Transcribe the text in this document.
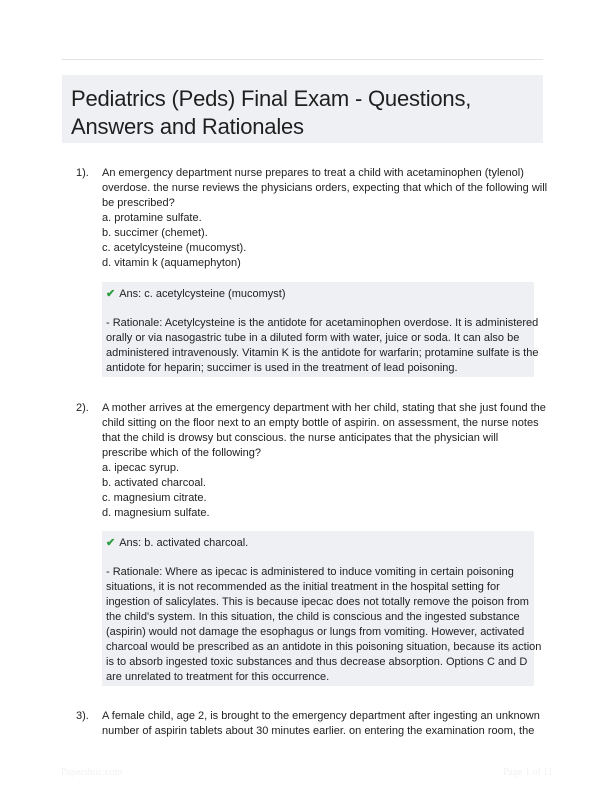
Pediatrics (Peds) Final Exam - Questions,
Answers and Rationales
1). An emergency department nurse prepares to treat a child with acetaminophen (tylenol)
overdose. the nurse reviews the physicians orders, expecting that which of the following will
be prescribed?
a. protamine sulfate.
b. succimer (chemet).
c. acetylcysteine (mucomyst).
d. vitamin k (aquamephyton)
✔ Ans: c. acetylcysteine (mucomyst)
- Rationale: Acetylcysteine is the antidote for acetaminophen overdose. It is administered
orally or via nasogastric tube in a diluted form with water, juice or soda. It can also be
administered intravenously. Vitamin K is the antidote for warfarin; protamine sulfate is the
antidote for heparin; succimer is used in the treatment of lead poisoning.
2). A mother arrives at the emergency department with her child, stating that she just found the
child sitting on the floor next to an empty bottle of aspirin. on assessment, the nurse notes
that the child is drowsy but conscious. the nurse anticipates that the physician will
prescribe which of the following?
a. ipecac syrup.
b. activated charcoal.
c. magnesium citrate.
d. magnesium sulfate.
✔ Ans: b. activated charcoal.
- Rationale: Where as ipecac is administered to induce vomiting in certain poisoning
situations, it is not recommended as the initial treatment in the hospital setting for
ingestion of salicylates. This is because ipecac does not totally remove the poison from
the child's system. In this situation, the child is conscious and the ingested substance
(aspirin) would not damage the esophagus or lungs from vomiting. However, activated
charcoal would be prescribed as an antidote in this poisoning situation, because its action
is to absorb ingested toxic substances and thus decrease absorption. Options C and D
are unrelated to treatment for this occurrence.
3). A female child, age 2, is brought to the emergency department after ingesting an unknown
number of aspirin tablets about 30 minutes earlier. on entering the examination room, the
Papershtic.com	Page 1 of 11
